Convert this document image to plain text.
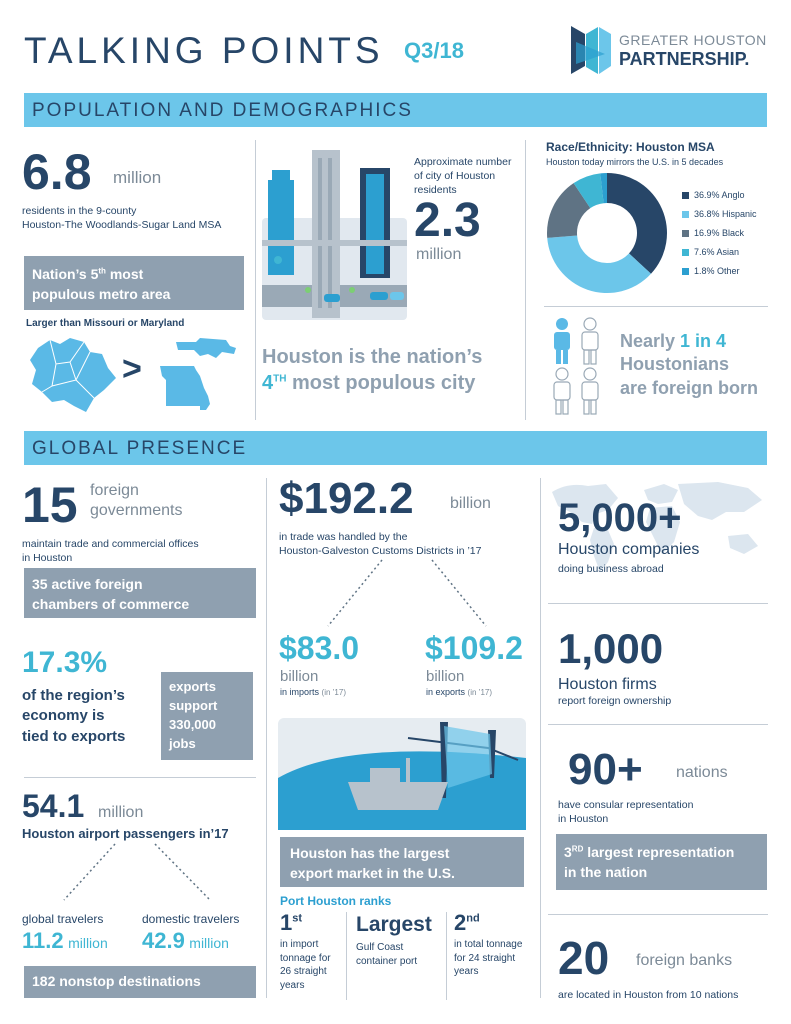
TALKING POINTS Q3/18	GREATER HOUSTON
PARTNERSHIP.
POPULATION AND DEMOGRAPHICS
6.8 million
residents in the 9-county
Houston-The Woodlands-Sugar Land MSA
Nation’s 5th most
populous metro area
Larger than Missouri or Maryland
>
Approximate number
of city of Houston
residents
2.3
million
Houston is the nation’s
4TH most populous city
Race/Ethnicity: Houston MSA
Houston today mirrors the U.S. in 5 decades
36.9% Anglo
36.8% Hispanic
16.9% Black
7.6% Asian
1.8% Other
Nearly 1 in 4
Houstonians
are foreign born
GLOBAL PRESENCE
15 foreign
governments
maintain trade and commercial offices
in Houston
35 active foreign
chambers of commerce
17.3%
of the region’s
economy is
tied to exports
exports
support
330,000
jobs
54.1 million
Houston airport passengers in’17
global travelers
11.2 million
domestic travelers
42.9 million
182 nonstop destinations
$192.2 billion
in trade was handled by the
Houston-Galveston Customs Districts in ’17
$83.0
billion
in imports (in ’17)
$109.2
billion
in exports (in ’17)
Houston has the largest
export market in the U.S.
Port Houston ranks
1st
in import
tonnage for
26 straight
years
Largest
Gulf Coast
container port
2nd
in total tonnage
for 24 straight
years
5,000+
Houston companies
doing business abroad
1,000
Houston firms
report foreign ownership
90+ nations
have consular representation
in Houston
3RD largest representation
in the nation
20 foreign banks
are located in Houston from 10 nations
